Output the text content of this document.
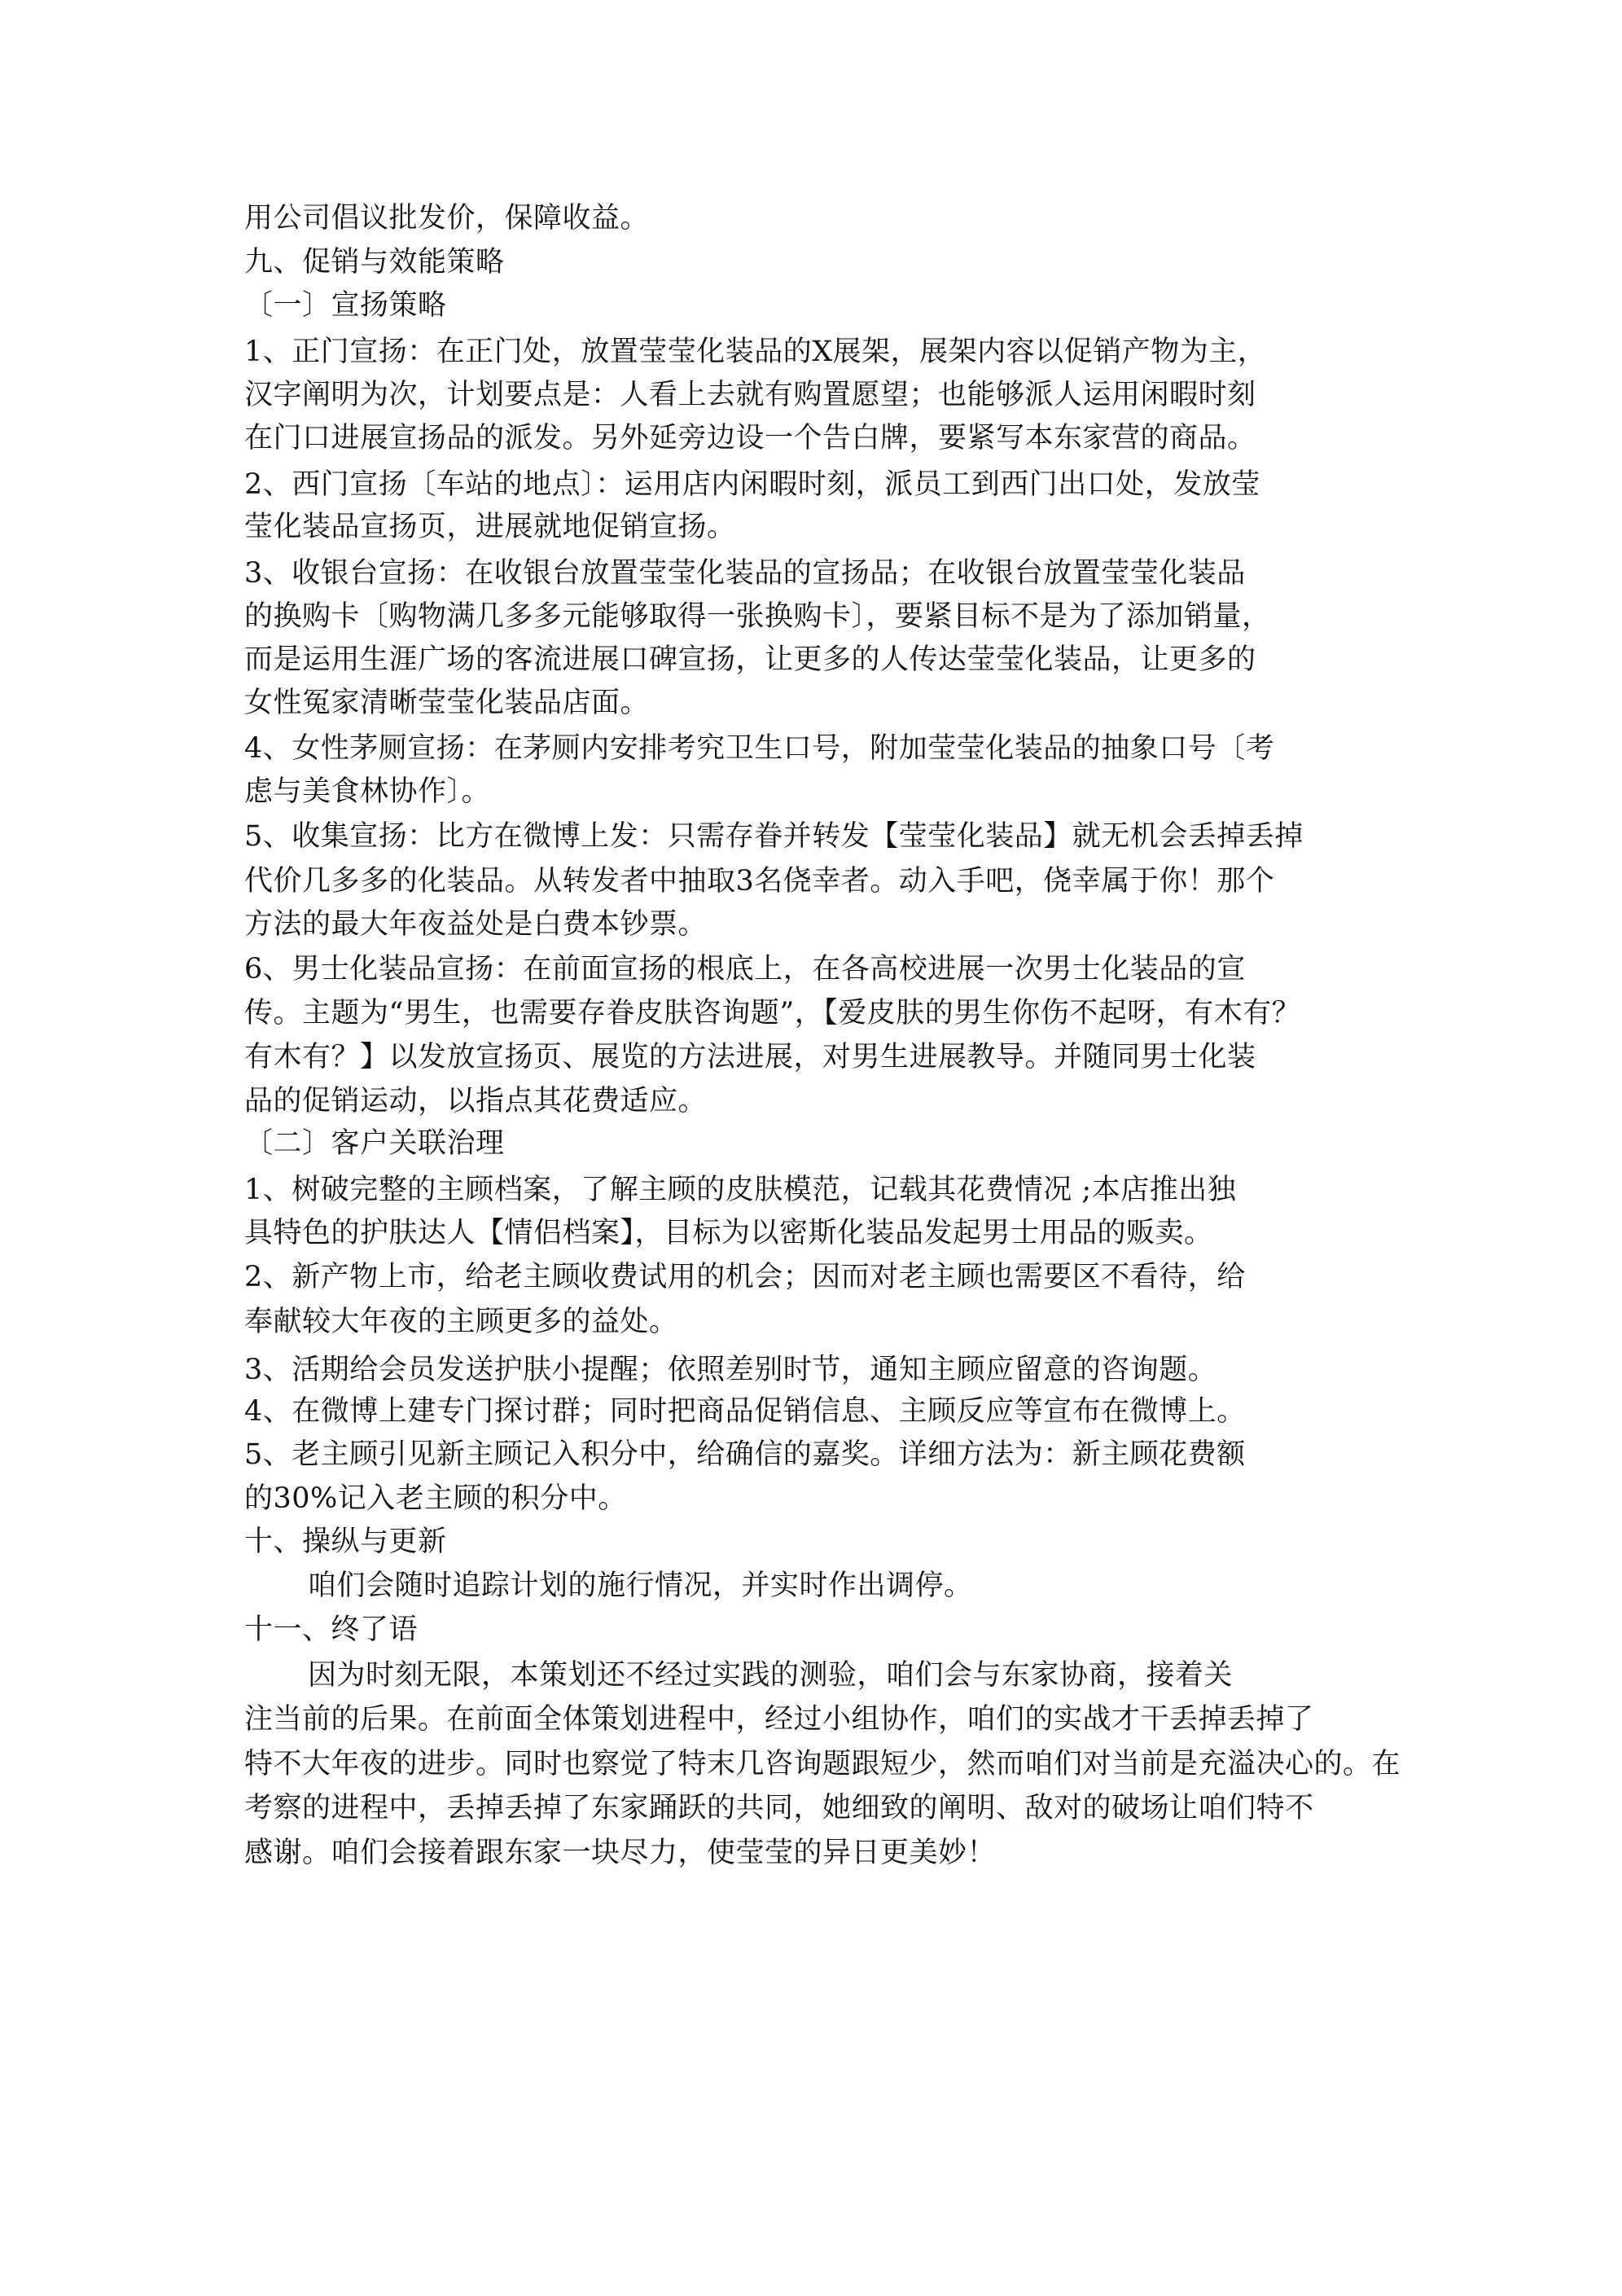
用公司倡议批发价，保障收益。
九、促销与效能策略
〔一〕宣扬策略
1、正门宣扬：在正门处，放置莹莹化装品的X展架，展架内容以促销产物为主，
汉字阐明为次，计划要点是：人看上去就有购置愿望；也能够派人运用闲暇时刻
在门口进展宣扬品的派发。另外延旁边设一个告白牌，要紧写本东家营的商品。
2、西门宣扬〔车站的地点〕：运用店内闲暇时刻，派员工到西门出口处，发放莹
莹化装品宣扬页，进展就地促销宣扬。
3、收银台宣扬：在收银台放置莹莹化装品的宣扬品；在收银台放置莹莹化装品
的换购卡〔购物满几多多元能够取得一张换购卡〕，要紧目标不是为了添加销量，
而是运用生涯广场的客流进展口碑宣扬，让更多的人传达莹莹化装品，让更多的
女性冤家清晰莹莹化装品店面。
4、女性茅厕宣扬：在茅厕内安排考究卫生口号，附加莹莹化装品的抽象口号〔考
虑与美食林协作〕。
5、收集宣扬：比方在微博上发：只需存眷并转发【莹莹化装品】就无机会丢掉丢掉
代价几多多的化装品。从转发者中抽取3名侥幸者。动入手吧，侥幸属于你！那个
方法的最大年夜益处是白费本钞票。
6、男士化装品宣扬：在前面宣扬的根底上，在各高校进展一次男士化装品的宣
传。主题为“男生，也需要存眷皮肤咨询题”，【爱皮肤的男生你伤不起呀，有木有？
有木有？】以发放宣扬页、展览的方法进展，对男生进展教导。并随同男士化装
品的促销运动，以指点其花费适应。
〔二〕客户关联治理
1、树破完整的主顾档案，了解主顾的皮肤模范，记载其花费情况 ;本店推出独
具特色的护肤达人【情侣档案】，目标为以密斯化装品发起男士用品的贩卖。
2、新产物上市，给老主顾收费试用的机会；因而对老主顾也需要区不看待，给
奉献较大年夜的主顾更多的益处。
3、活期给会员发送护肤小提醒；依照差别时节，通知主顾应留意的咨询题。
4、在微博上建专门探讨群；同时把商品促销信息、主顾反应等宣布在微博上。
5、老主顾引见新主顾记入积分中，给确信的嘉奖。详细方法为：新主顾花费额
的30%记入老主顾的积分中。
十、操纵与更新
咱们会随时追踪计划的施行情况，并实时作出调停。
十一、终了语
因为时刻无限，本策划还不经过实践的测验，咱们会与东家协商，接着关
注当前的后果。在前面全体策划进程中，经过小组协作，咱们的实战才干丢掉丢掉了
特不大年夜的进步。同时也察觉了特末几咨询题跟短少，然而咱们对当前是充溢决心的。在
考察的进程中，丢掉丢掉了东家踊跃的共同，她细致的阐明、敌对的破场让咱们特不
感谢。咱们会接着跟东家一块尽力，使莹莹的异日更美妙！
